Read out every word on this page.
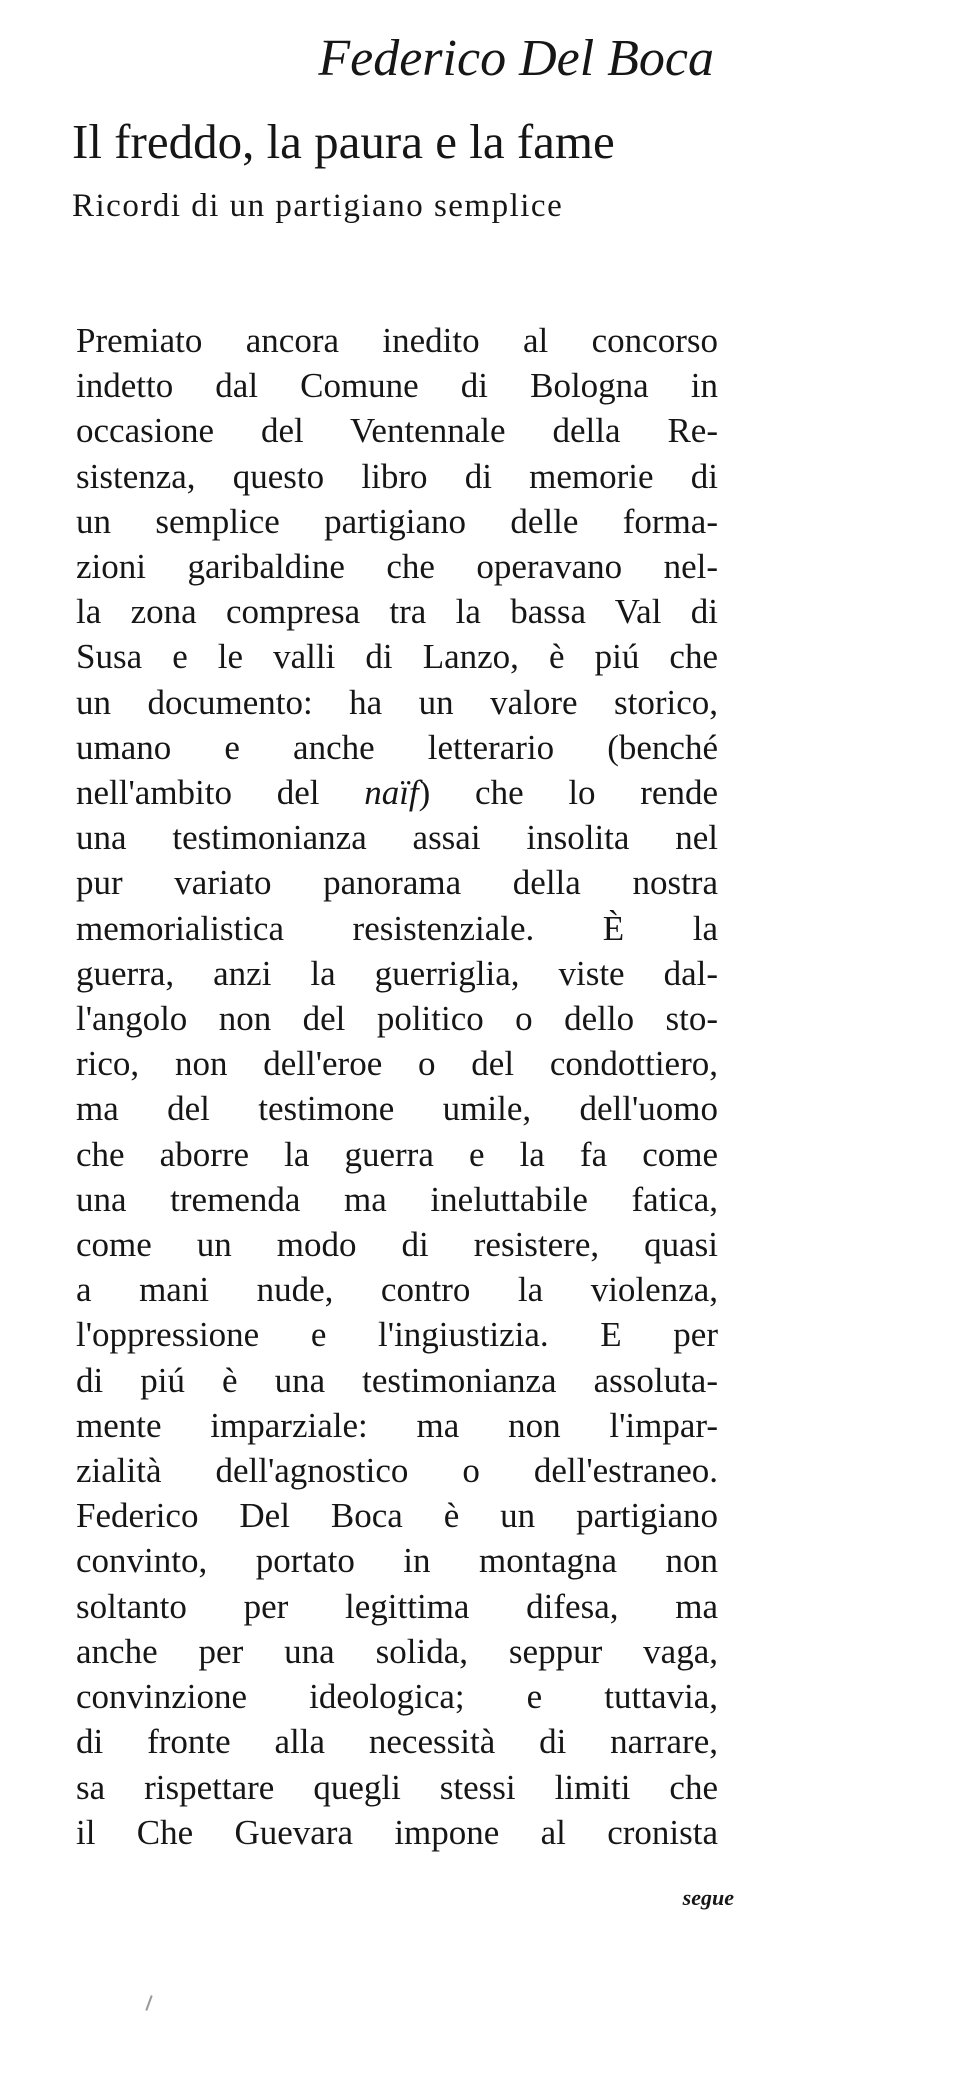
Federico Del Boca
Il freddo, la paura e la fame
Ricordi di un partigiano semplice
Premiato ancora inedito al concorso
indetto dal Comune di Bologna in
occasione del Ventennale della Re-
sistenza, questo libro di memorie di
un semplice partigiano delle forma-
zioni garibaldine che operavano nel-
la zona compresa tra la bassa Val di
Susa e le valli di Lanzo, è piú che
un documento: ha un valore storico,
umano e anche letterario (benché
nell'ambito del naïf) che lo rende
una testimonianza assai insolita nel
pur variato panorama della nostra
memorialistica resistenziale. È la
guerra, anzi la guerriglia, viste dal-
l'angolo non del politico o dello sto-
rico, non dell'eroe o del condottiero,
ma del testimone umile, dell'uomo
che aborre la guerra e la fa come
una tremenda ma ineluttabile fatica,
come un modo di resistere, quasi
a mani nude, contro la violenza,
l'oppressione e l'ingiustizia. E per
di piú è una testimonianza assoluta-
mente imparziale: ma non l'impar-
zialità dell'agnostico o dell'estraneo.
Federico Del Boca è un partigiano
convinto, portato in montagna non
soltanto per legittima difesa, ma
anche per una solida, seppur vaga,
convinzione ideologica; e tuttavia,
di fronte alla necessità di narrare,
sa rispettare quegli stessi limiti che
il Che Guevara impone al cronista
segue
